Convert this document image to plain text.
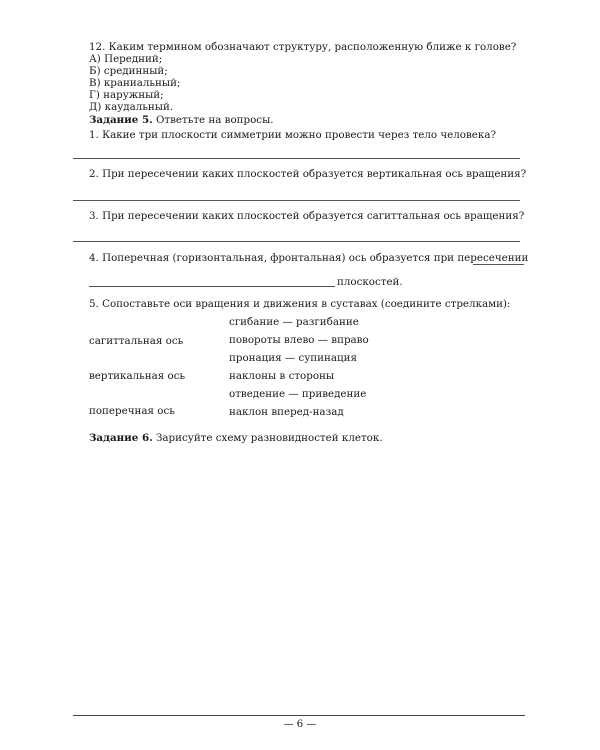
12. Каким термином обозначают структуру, расположенную ближе к голове?
А) Передний;
Б) срединный;
В) краниальный;
Г) наружный;
Д) каудальный.
Задание 5. Ответьте на вопросы.
1. Какие три плоскости симметрии можно провести через тело человека?
2. При пересечении каких плоскостей образуется вертикальная ось вращения?
3. При пересечении каких плоскостей образуется сагиттальная ось вращения?
4. Поперечная (горизонтальная, фронтальная) ось образуется при пересечении
плоскостей.
5. Сопоставьте оси вращения и движения в суставах (соедините стрелками):
сагиттальная ось
вертикальная ось
поперечная ось
сгибание — разгибание
повороты влево — вправо
пронация — супинация
наклоны в стороны
отведение — приведение
наклон вперед-назад
Задание 6. Зарисуйте схему разновидностей клеток.
— 6 —
